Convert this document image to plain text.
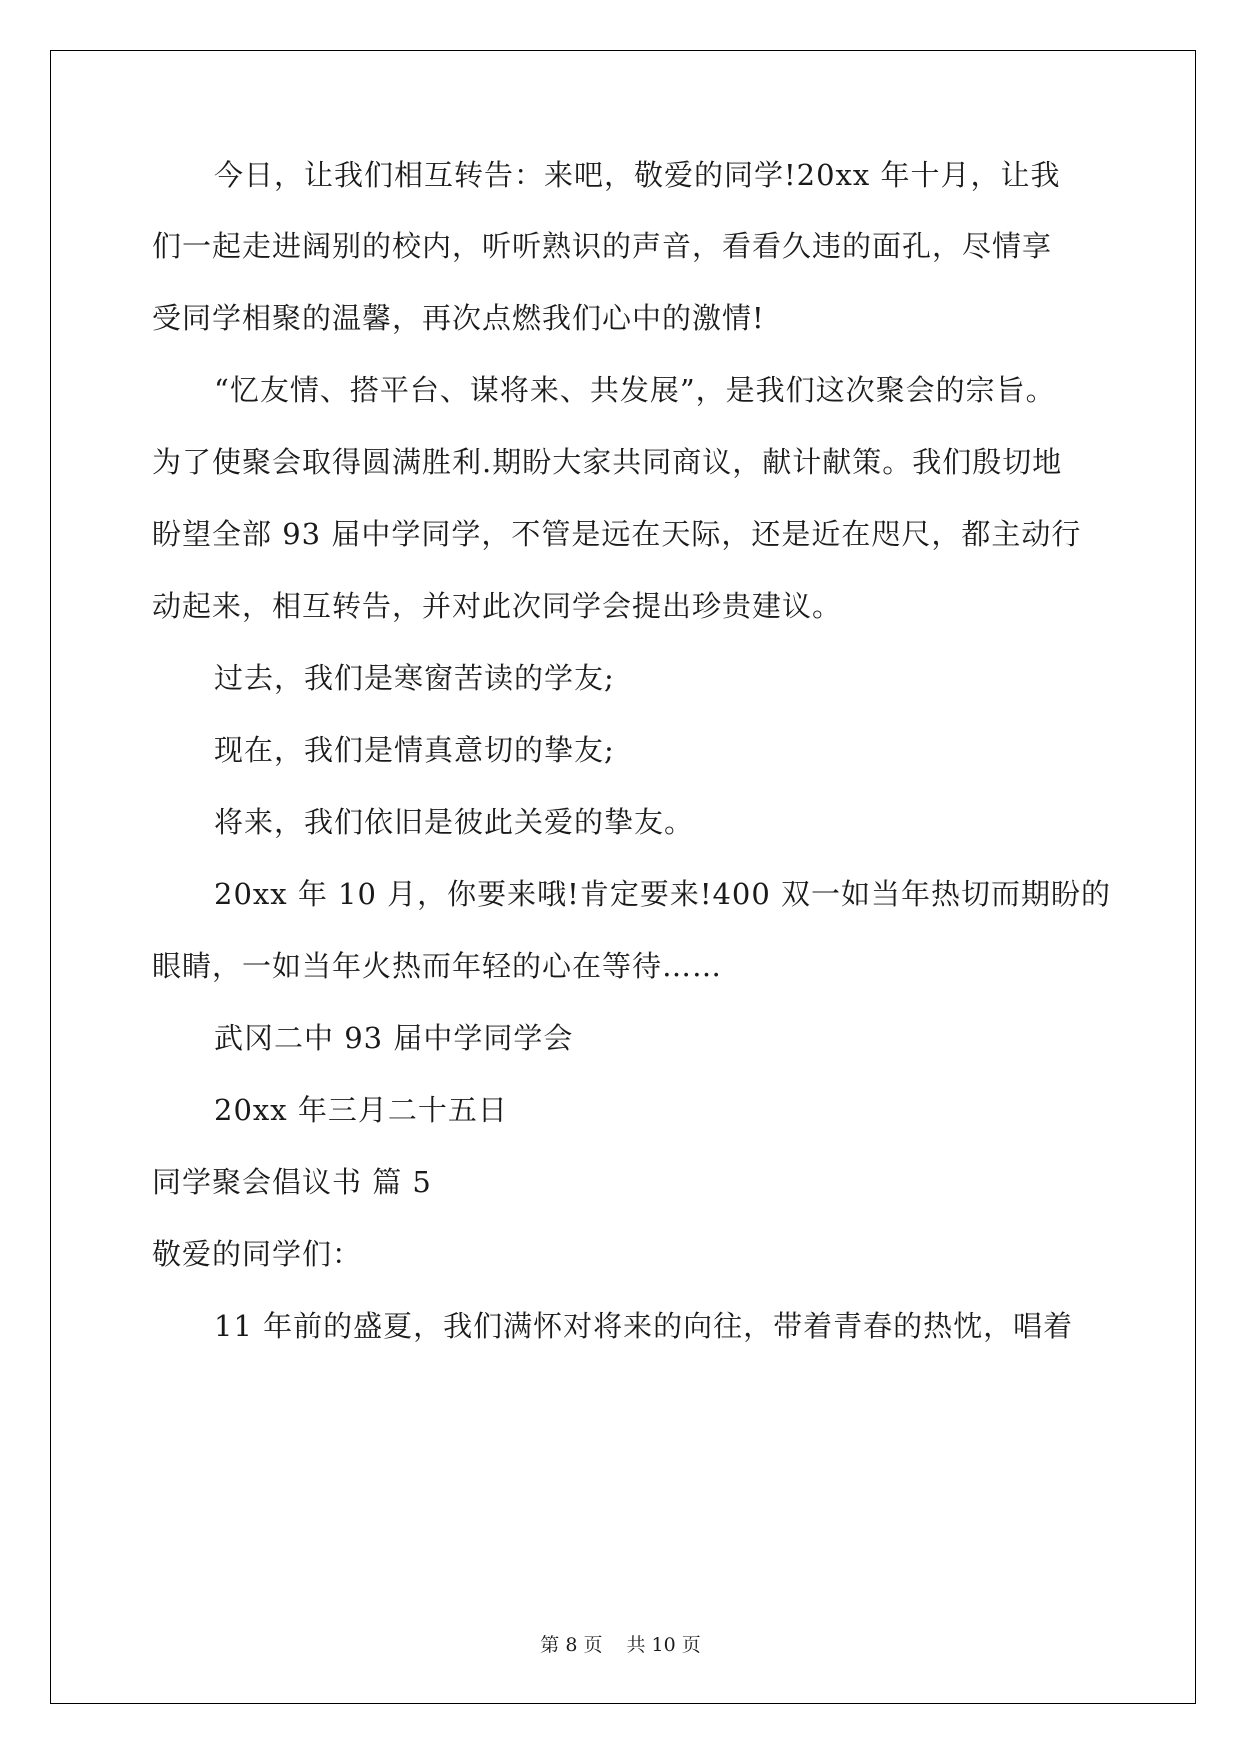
今日，让我们相互转告：来吧，敬爱的同学!20xx 年十月，让我
们一起走进阔别的校内，听听熟识的声音，看看久违的面孔，尽情享
受同学相聚的温馨，再次点燃我们心中的激情!
“忆友情、搭平台、谋将来、共发展”，是我们这次聚会的宗旨。
为了使聚会取得圆满胜利.期盼大家共同商议，献计献策。我们殷切地
盼望全部 93 届中学同学，不管是远在天际，还是近在咫尺，都主动行
动起来，相互转告，并对此次同学会提出珍贵建议。
过去，我们是寒窗苦读的学友;
现在，我们是情真意切的挚友;
将来，我们依旧是彼此关爱的挚友。
20xx 年 10 月，你要来哦!肯定要来!400 双一如当年热切而期盼的
眼睛，一如当年火热而年轻的心在等待……
武冈二中 93 届中学同学会
20xx 年三月二十五日
同学聚会倡议书 篇 5
敬爱的同学们：
11 年前的盛夏，我们满怀对将来的向往，带着青春的热忱，唱着
第 8 页 共 10 页
